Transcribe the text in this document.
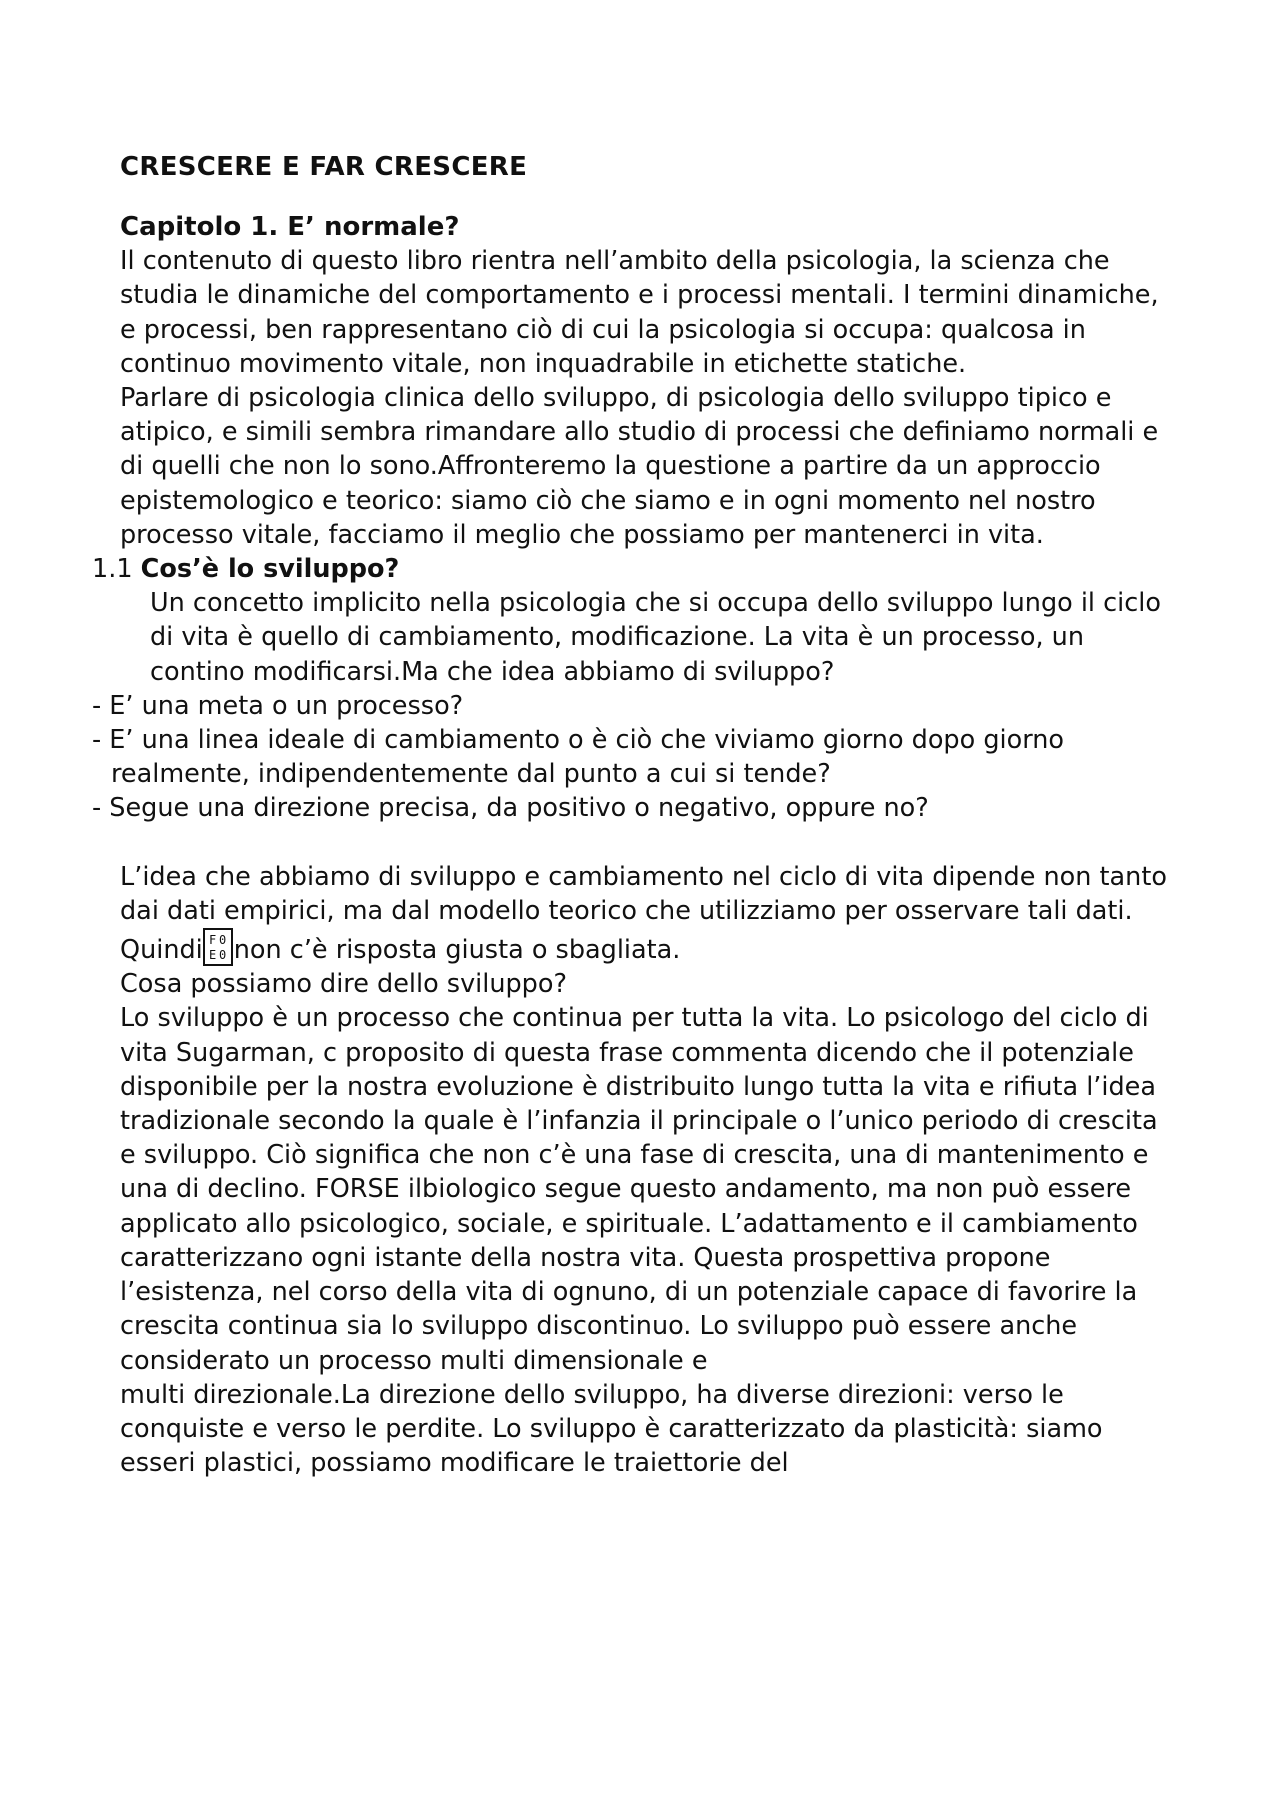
CRESCERE E FAR CRESCERE
Capitolo 1. E’ normale?

Il contenuto di questo libro rientra nell’ambito della psicologia, la scienza che studia le dinamiche del comportamento e i processi mentali. I termini dinamiche, e processi, ben rappresentano ciò di cui la psicologia si occupa: qualcosa in continuo movimento vitale, non inquadrabile in etichette statiche.

Parlare di psicologia clinica dello sviluppo, di psicologia dello sviluppo tipico e atipico, e simili sembra rimandare allo studio di processi che definiamo normali e di quelli che non lo sono.Affronteremo la questione a partire da un approccio epistemologico e teorico: siamo ciò che siamo e in ogni momento nel nostro processo vitale, facciamo il meglio che possiamo per mantenerci in vita.

1.1 Cos’è lo sviluppo?

Un concetto implicito nella psicologia che si occupa dello sviluppo lungo il ciclo di vita è quello di cambiamento, modificazione. La vita è un processo, un contino modificarsi.Ma che idea abbiamo di sviluppo?

- E’ una meta o un processo?
- E’ una linea ideale di cambiamento o è ciò che viviamo giorno dopo giorno realmente, indipendentemente dal punto a cui si tende?
- Segue una direzione precisa, da positivo o negativo, oppure no?

L’idea che abbiamo di sviluppo e cambiamento nel ciclo di vita dipende non tanto dai dati empirici, ma dal modello teorico che utilizziamo per osservare tali dati. Quindi F 0
E 0 non c’è risposta giusta o sbagliata.

Cosa possiamo dire dello sviluppo?

Lo sviluppo è un processo che continua per tutta la vita. Lo psicologo del ciclo di vita Sugarman, c proposito di questa frase commenta dicendo che il potenziale disponibile per la nostra evoluzione è distribuito lungo tutta la vita e rifiuta l’idea tradizionale secondo la quale è l’infanzia il principale o l’unico periodo di crescita e sviluppo. Ciò significa che non c’è una fase di crescita, una di mantenimento e una di declino. FORSE ilbiologico segue questo andamento, ma non può essere applicato allo psicologico, sociale, e spirituale. L’adattamento e il cambiamento caratterizzano ogni istante della nostra vita. Questa prospettiva propone l’esistenza, nel corso della vita di ognuno, di un potenziale capace di favorire la crescita continua sia lo sviluppo discontinuo. Lo sviluppo può essere anche considerato un processo multi dimensionale e

multi direzionale.La direzione dello sviluppo, ha diverse direzioni: verso le conquiste e verso le perdite. Lo sviluppo è caratterizzato da plasticità: siamo esseri plastici, possiamo modificare le traiettorie del
